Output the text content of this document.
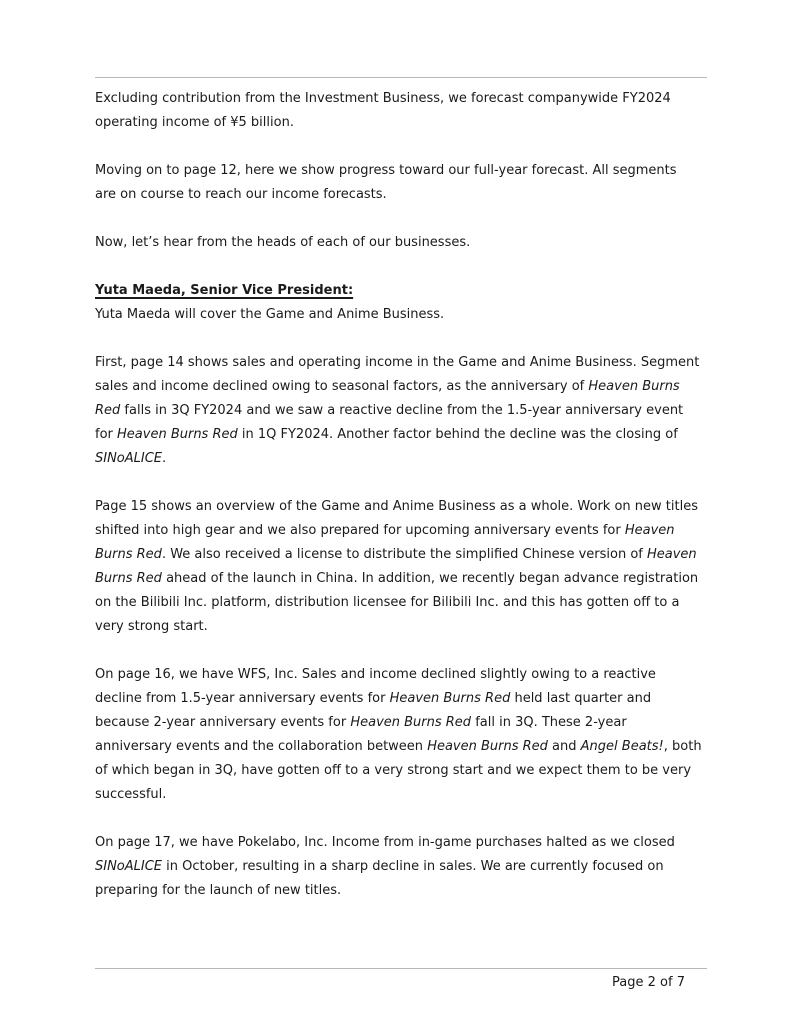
Excluding contribution from the Investment Business, we forecast companywide FY2024
operating income of ¥5 billion.
Moving on to page 12, here we show progress toward our full-year forecast. All segments
are on course to reach our income forecasts.
Now, let’s hear from the heads of each of our businesses.
Yuta Maeda, Senior Vice President:
Yuta Maeda will cover the Game and Anime Business.
First, page 14 shows sales and operating income in the Game and Anime Business. Segment
sales and income declined owing to seasonal factors, as the anniversary of Heaven Burns
Red falls in 3Q FY2024 and we saw a reactive decline from the 1.5-year anniversary event
for Heaven Burns Red in 1Q FY2024. Another factor behind the decline was the closing of
SINoALICE.
Page 15 shows an overview of the Game and Anime Business as a whole. Work on new titles
shifted into high gear and we also prepared for upcoming anniversary events for Heaven
Burns Red. We also received a license to distribute the simplified Chinese version of Heaven
Burns Red ahead of the launch in China. In addition, we recently began advance registration
on the Bilibili Inc. platform, distribution licensee for Bilibili Inc. and this has gotten off to a
very strong start.
On page 16, we have WFS, Inc. Sales and income declined slightly owing to a reactive
decline from 1.5-year anniversary events for Heaven Burns Red held last quarter and
because 2-year anniversary events for Heaven Burns Red fall in 3Q. These 2-year
anniversary events and the collaboration between Heaven Burns Red and Angel Beats!, both
of which began in 3Q, have gotten off to a very strong start and we expect them to be very
successful.
On page 17, we have Pokelabo, Inc. Income from in-game purchases halted as we closed
SINoALICE in October, resulting in a sharp decline in sales. We are currently focused on
preparing for the launch of new titles.
Page 2 of 7
